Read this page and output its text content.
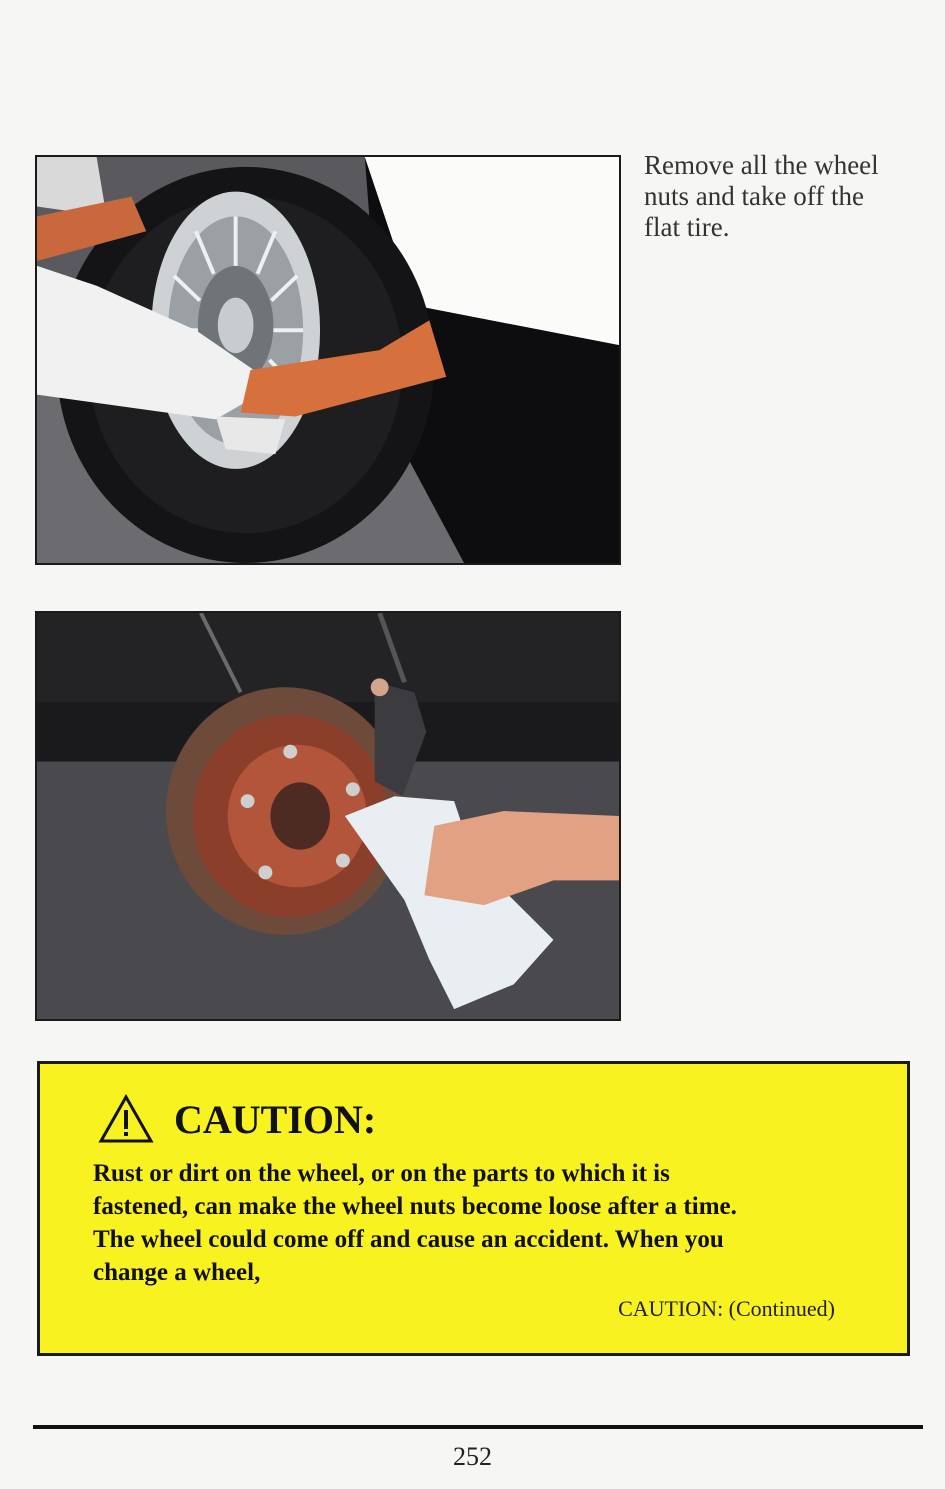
Remove all the wheel
nuts and take off the
flat tire.
CAUTION:
Rust or dirt on the wheel, or on the parts to which it is
fastened, can make the wheel nuts become loose after a time.
The wheel could come off and cause an accident. When you
change a wheel,
CAUTION: (Continued)
252
